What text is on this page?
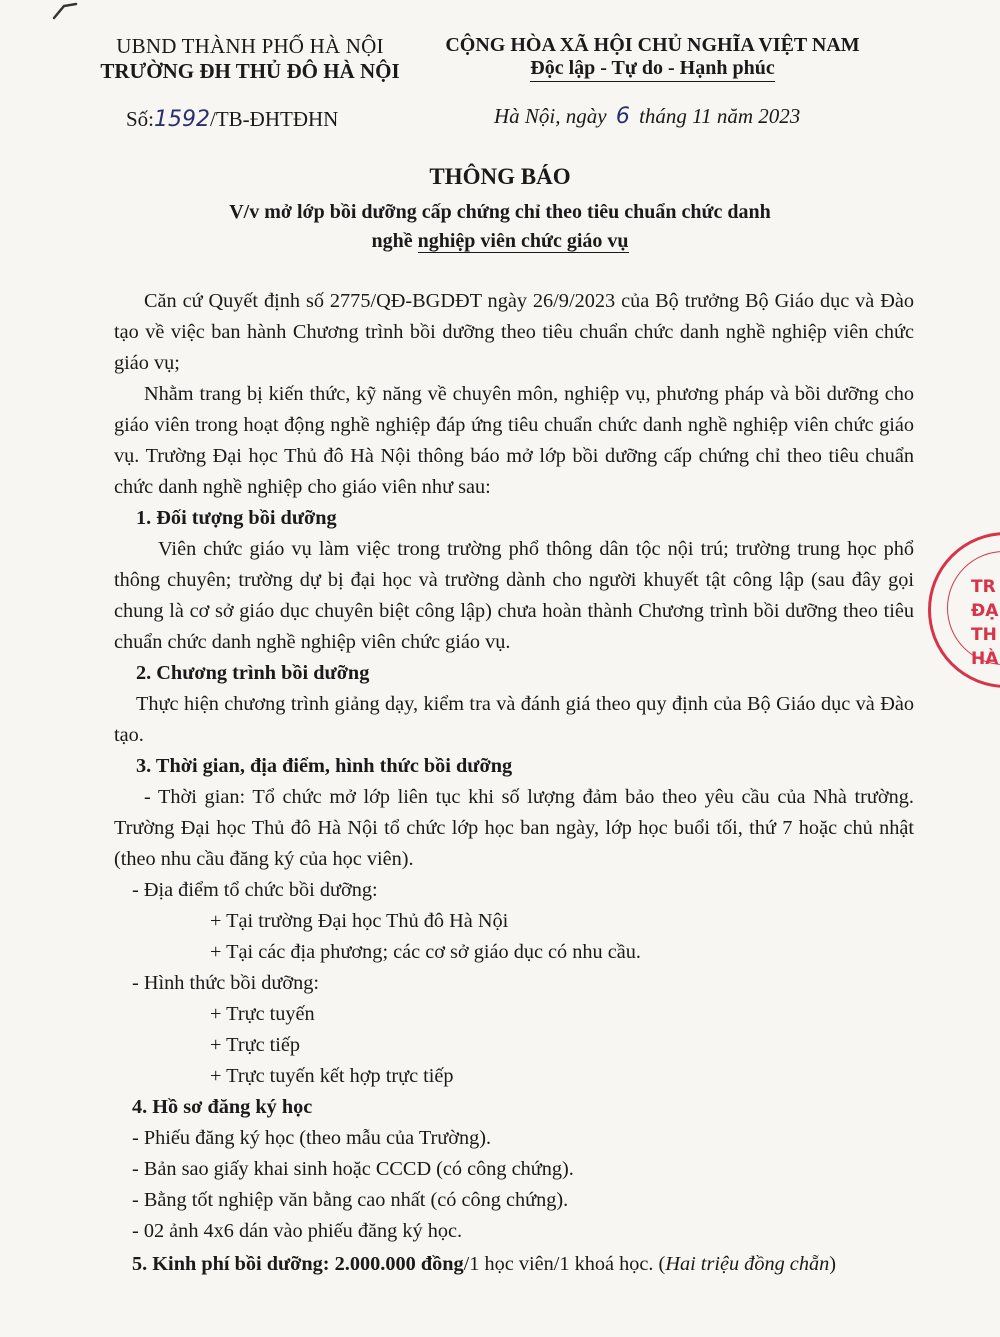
UBND THÀNH PHỐ HÀ NỘI
TRƯỜNG ĐH THỦ ĐÔ HÀ NỘI
CỘNG HÒA XÃ HỘI CHỦ NGHĨA VIỆT NAM
Độc lập - Tự do - Hạnh phúc
Số:1592/TB-ĐHTĐHN	Hà Nội, ngày 6 tháng 11 năm 2023
THÔNG BÁO
V/v mở lớp bồi dưỡng cấp chứng chỉ theo tiêu chuẩn chức danh
nghề nghiệp viên chức giáo vụ

Căn cứ Quyết định số 2775/QĐ-BGDĐT ngày 26/9/2023 của Bộ trưởng Bộ Giáo dục và Đào tạo về việc ban hành Chương trình bồi dưỡng theo tiêu chuẩn chức danh nghề nghiệp viên chức giáo vụ;

Nhằm trang bị kiến thức, kỹ năng về chuyên môn, nghiệp vụ, phương pháp và bồi dưỡng cho giáo viên trong hoạt động nghề nghiệp đáp ứng tiêu chuẩn chức danh nghề nghiệp viên chức giáo vụ. Trường Đại học Thủ đô Hà Nội thông báo mở lớp bồi dưỡng cấp chứng chỉ theo tiêu chuẩn chức danh nghề nghiệp cho giáo viên như sau:

1. Đối tượng bồi dưỡng

Viên chức giáo vụ làm việc trong trường phổ thông dân tộc nội trú; trường trung học phổ thông chuyên; trường dự bị đại học và trường dành cho người khuyết tật công lập (sau đây gọi chung là cơ sở giáo dục chuyên biệt công lập) chưa hoàn thành Chương trình bồi dưỡng theo tiêu chuẩn chức danh nghề nghiệp viên chức giáo vụ.

2. Chương trình bồi dưỡng

Thực hiện chương trình giảng dạy, kiểm tra và đánh giá theo quy định của Bộ Giáo dục và Đào tạo.

3. Thời gian, địa điểm, hình thức bồi dưỡng

- Thời gian: Tổ chức mở lớp liên tục khi số lượng đảm bảo theo yêu cầu của Nhà trường. Trường Đại học Thủ đô Hà Nội tổ chức lớp học ban ngày, lớp học buổi tối, thứ 7 hoặc chủ nhật (theo nhu cầu đăng ký của học viên).

- Địa điểm tổ chức bồi dưỡng:

+ Tại trường Đại học Thủ đô Hà Nội

+ Tại các địa phương; các cơ sở giáo dục có nhu cầu.

- Hình thức bồi dưỡng:

+ Trực tuyến

+ Trực tiếp

+ Trực tuyến kết hợp trực tiếp

4. Hồ sơ đăng ký học

- Phiếu đăng ký học (theo mẫu của Trường).

- Bản sao giấy khai sinh hoặc CCCD (có công chứng).

- Bằng tốt nghiệp văn bằng cao nhất (có công chứng).

- 02 ảnh 4x6 dán vào phiếu đăng ký học.

5. Kinh phí bồi dưỡng: 2.000.000 đồng/1 học viên/1 khoá học. (Hai triệu đồng chẵn)

TR
ĐẠ
TH
HÀ
